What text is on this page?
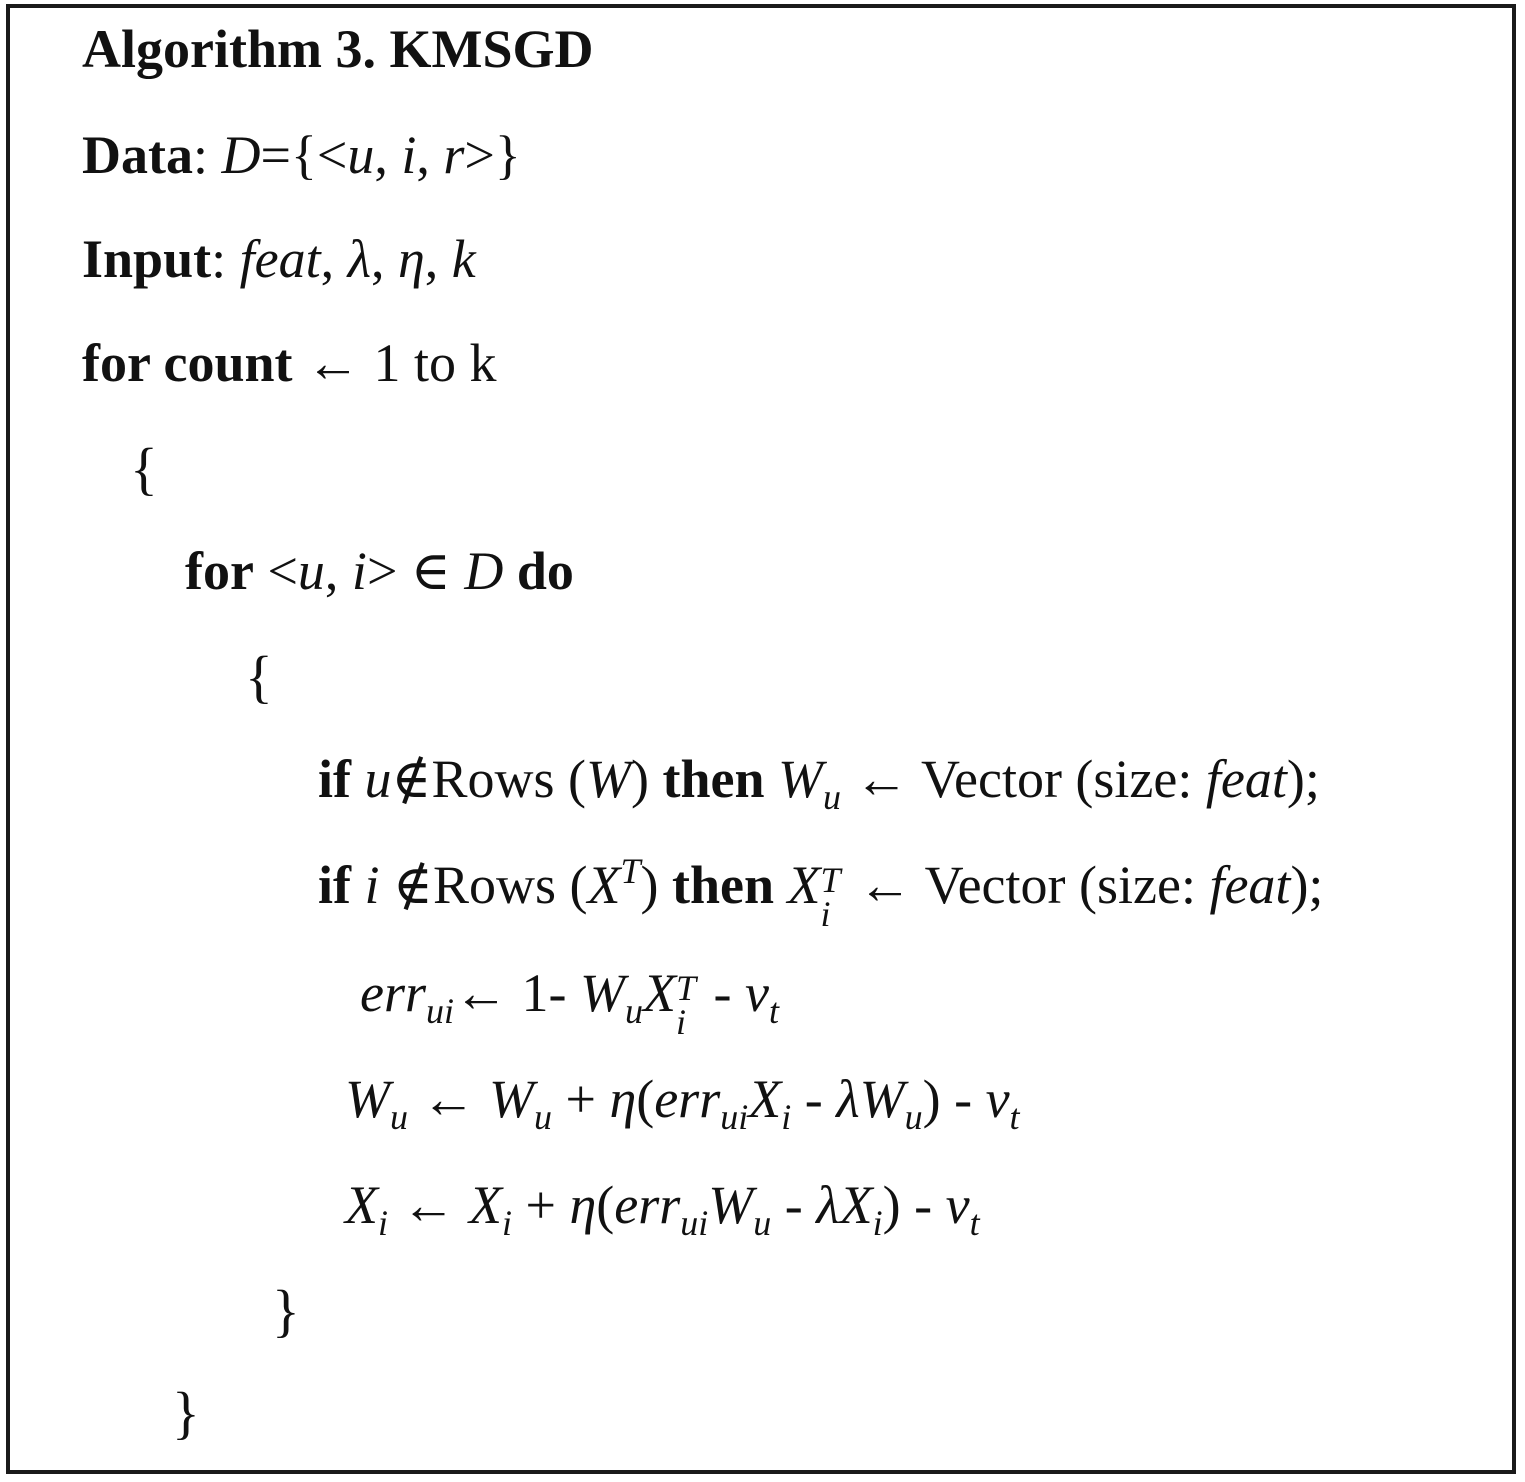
Algorithm 3. KMSGD
Data: D={<u, i, r>}
Input: feat, λ, η, k
for count ← 1 to k
{
for <u, i> ∈ D do
{
if u∉Rows (W) then $W_u$ ← Vector (size: feat);
if i ∉Rows $(X^T)$ then X T
i ← Vector (size: feat);
err$_{ui}$← 1- $W_uX$ T
i - $v_t$
$W_u$ ← $W_u + \eta(err_{ui}X_i - \lambda W_u) - v_t$
$X_i$ ← $X_i + \eta(err_{ui}W_u - \lambda X_i) - v_t$
}
}
